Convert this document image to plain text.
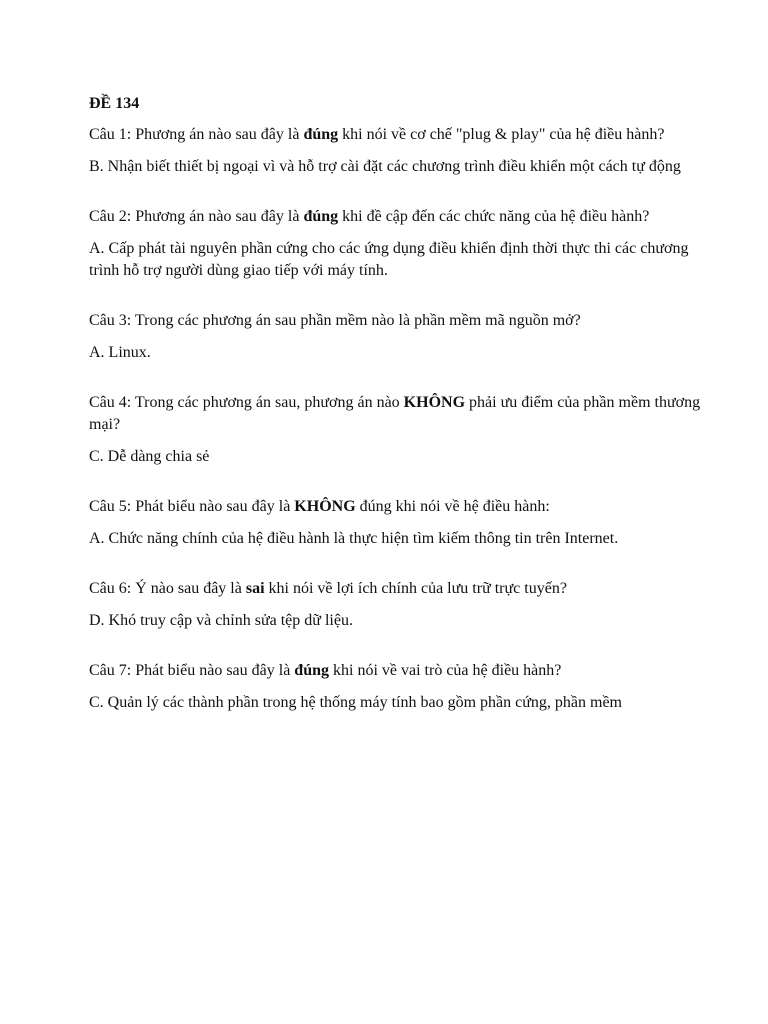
ĐỀ 134

Câu 1: Phương án nào sau đây là đúng khi nói về cơ chế "plug & play" của hệ điều hành?

B. Nhận biết thiết bị ngoại vì và hỗ trợ cài đặt các chương trình điều khiển một cách tự động

Câu 2: Phương án nào sau đây là đúng khi đề cập đến các chức năng của hệ điều hành?

A. Cấp phát tài nguyên phần cứng cho các ứng dụng điều khiển định thời thực thi các chương trình hỗ trợ người dùng giao tiếp với máy tính.

Câu 3: Trong các phương án sau phần mềm nào là phần mềm mã nguồn mở?

A. Linux.

Câu 4: Trong các phương án sau, phương án nào KHÔNG phải ưu điểm của phần mềm thương mại?

C. Dễ dàng chia sẻ

Câu 5: Phát biểu nào sau đây là KHÔNG đúng khi nói về hệ điều hành:

A. Chức năng chính của hệ điều hành là thực hiện tìm kiếm thông tin trên Internet.

Câu 6: Ý nào sau đây là sai khi nói về lợi ích chính của lưu trữ trực tuyến?

D. Khó truy cập và chỉnh sửa tệp dữ liệu.

Câu 7: Phát biểu nào sau đây là đúng khi nói về vai trò của hệ điều hành?

C. Quản lý các thành phần trong hệ thống máy tính bao gồm phần cứng, phần mềm
